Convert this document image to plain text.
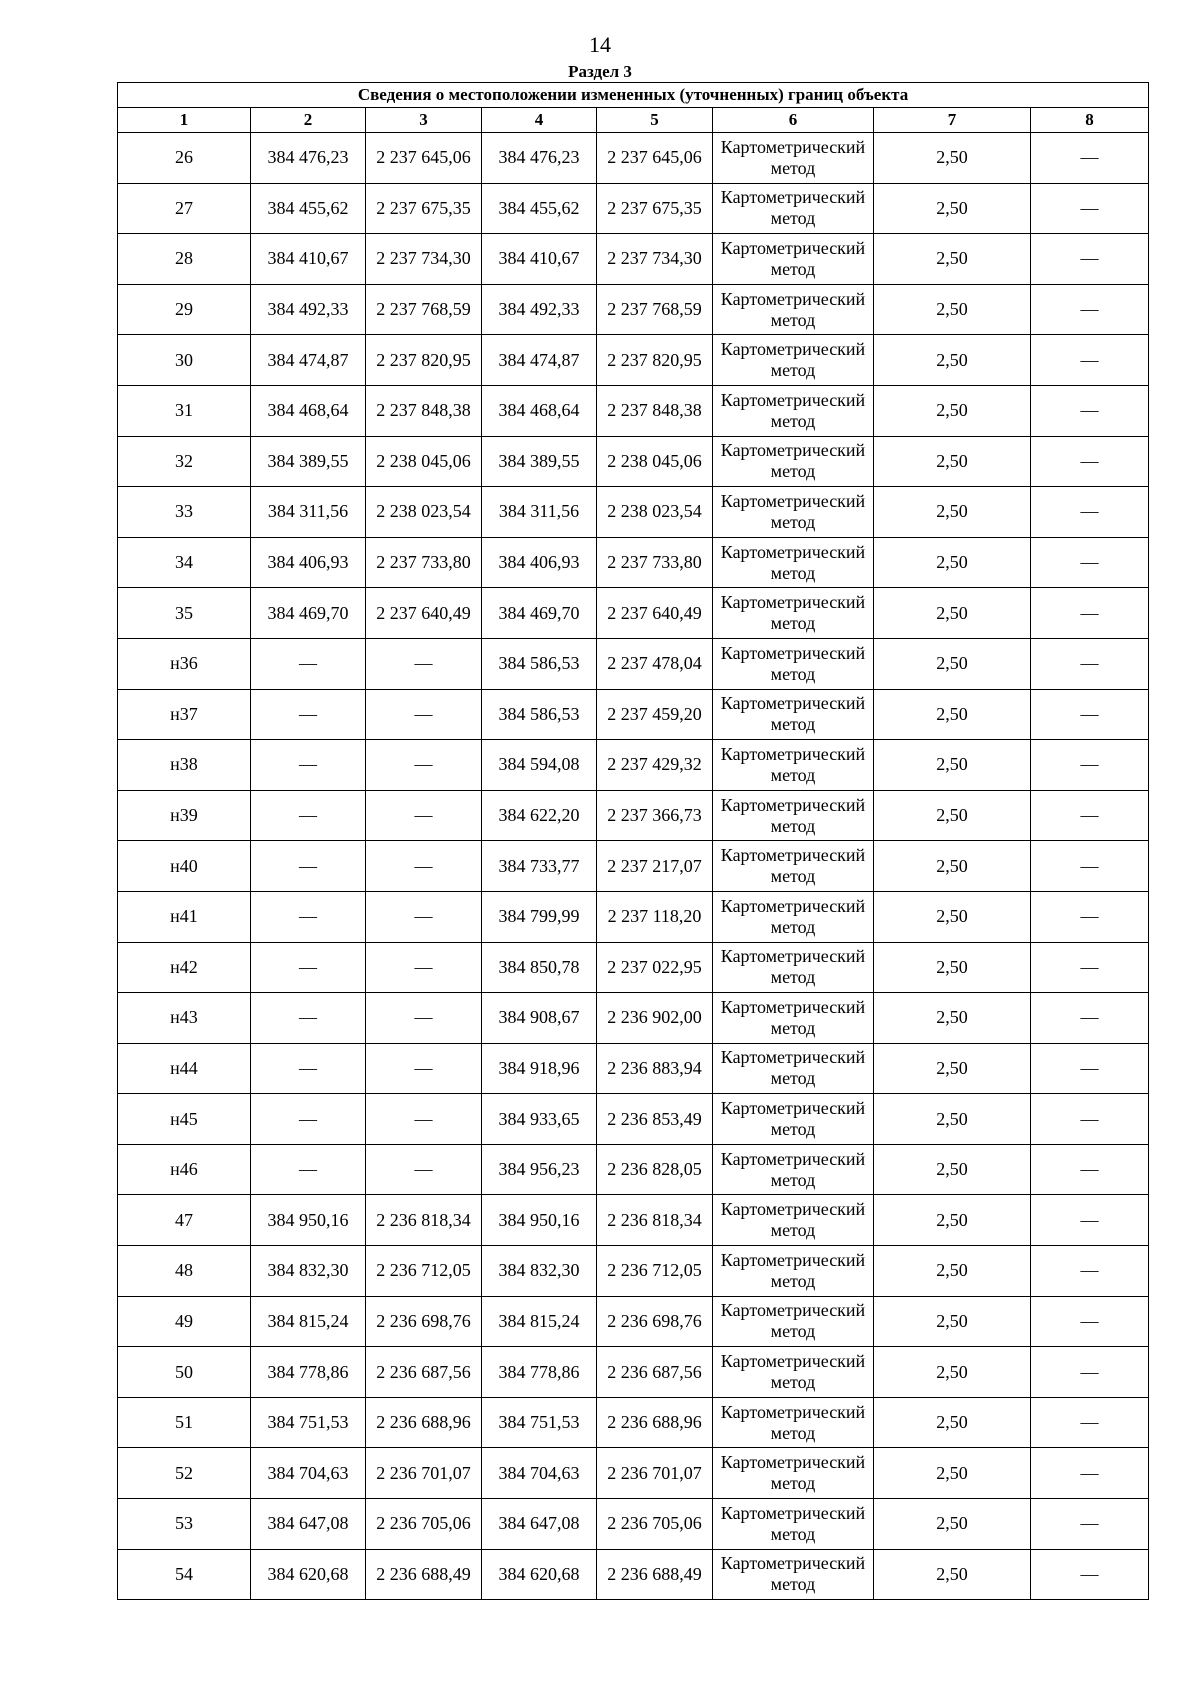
14
Раздел 3
Сведения о местоположении измененных (уточненных) границ объекта							
1	2	3	4	5	6	7	8
26	384 476,23	2 237 645,06	384 476,23	2 237 645,06	Картометрический метод	2,50	—
27	384 455,62	2 237 675,35	384 455,62	2 237 675,35	Картометрический метод	2,50	—
28	384 410,67	2 237 734,30	384 410,67	2 237 734,30	Картометрический метод	2,50	—
29	384 492,33	2 237 768,59	384 492,33	2 237 768,59	Картометрический метод	2,50	—
30	384 474,87	2 237 820,95	384 474,87	2 237 820,95	Картометрический метод	2,50	—
31	384 468,64	2 237 848,38	384 468,64	2 237 848,38	Картометрический метод	2,50	—
32	384 389,55	2 238 045,06	384 389,55	2 238 045,06	Картометрический метод	2,50	—
33	384 311,56	2 238 023,54	384 311,56	2 238 023,54	Картометрический метод	2,50	—
34	384 406,93	2 237 733,80	384 406,93	2 237 733,80	Картометрический метод	2,50	—
35	384 469,70	2 237 640,49	384 469,70	2 237 640,49	Картометрический метод	2,50	—
н36	—	—	384 586,53	2 237 478,04	Картометрический метод	2,50	—
н37	—	—	384 586,53	2 237 459,20	Картометрический метод	2,50	—
н38	—	—	384 594,08	2 237 429,32	Картометрический метод	2,50	—
н39	—	—	384 622,20	2 237 366,73	Картометрический метод	2,50	—
н40	—	—	384 733,77	2 237 217,07	Картометрический метод	2,50	—
н41	—	—	384 799,99	2 237 118,20	Картометрический метод	2,50	—
н42	—	—	384 850,78	2 237 022,95	Картометрический метод	2,50	—
н43	—	—	384 908,67	2 236 902,00	Картометрический метод	2,50	—
н44	—	—	384 918,96	2 236 883,94	Картометрический метод	2,50	—
н45	—	—	384 933,65	2 236 853,49	Картометрический метод	2,50	—
н46	—	—	384 956,23	2 236 828,05	Картометрический метод	2,50	—
47	384 950,16	2 236 818,34	384 950,16	2 236 818,34	Картометрический метод	2,50	—
48	384 832,30	2 236 712,05	384 832,30	2 236 712,05	Картометрический метод	2,50	—
49	384 815,24	2 236 698,76	384 815,24	2 236 698,76	Картометрический метод	2,50	—
50	384 778,86	2 236 687,56	384 778,86	2 236 687,56	Картометрический метод	2,50	—
51	384 751,53	2 236 688,96	384 751,53	2 236 688,96	Картометрический метод	2,50	—
52	384 704,63	2 236 701,07	384 704,63	2 236 701,07	Картометрический метод	2,50	—
53	384 647,08	2 236 705,06	384 647,08	2 236 705,06	Картометрический метод	2,50	—
54	384 620,68	2 236 688,49	384 620,68	2 236 688,49	Картометрический метод	2,50	—
